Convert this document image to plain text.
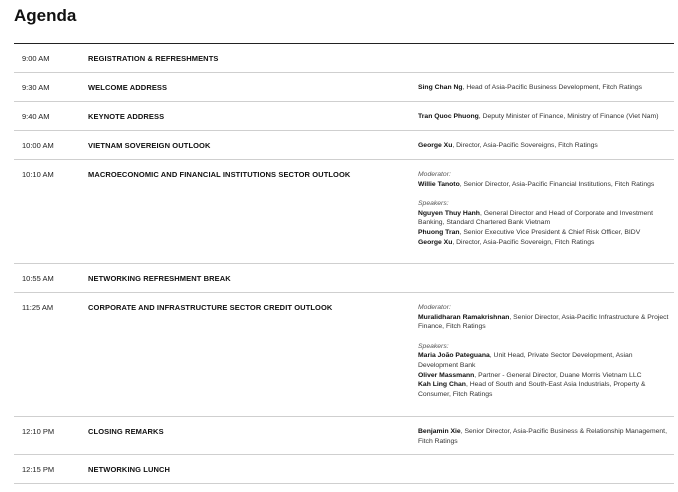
Agenda
9:00 AM	REGISTRATION & REFRESHMENTS
9:30 AM	WELCOME ADDRESS	Sing Chan Ng, Head of Asia-Pacific Business Development, Fitch Ratings
9:40 AM	KEYNOTE ADDRESS	Tran Quoc Phuong, Deputy Minister of Finance, Ministry of Finance (Viet Nam)
10:00 AM	VIETNAM SOVEREIGN OUTLOOK	George Xu, Director, Asia-Pacific Sovereigns, Fitch Ratings
10:10 AM	MACROECONOMIC AND FINANCIAL INSTITUTIONS SECTOR OUTLOOK	Moderator:
Willie Tanoto, Senior Director, Asia-Pacific Financial Institutions, Fitch Ratings
Speakers:
Nguyen Thuy Hanh, General Director and Head of Corporate and Investment Banking, Standard Chartered Bank Vietnam
Phuong Tran, Senior Executive Vice President & Chief Risk Officer, BIDV
George Xu, Director, Asia-Pacific Sovereign, Fitch Ratings
10:55 AM	NETWORKING REFRESHMENT BREAK
11:25 AM	CORPORATE AND INFRASTRUCTURE SECTOR CREDIT OUTLOOK	Moderator:
Muralidharan Ramakrishnan, Senior Director, Asia-Pacific Infrastructure & Project Finance, Fitch Ratings
Speakers:
Maria João Pateguana, Unit Head, Private Sector Development, Asian Development Bank
Oliver Massmann, Partner - General Director, Duane Morris Vietnam LLC
Kah Ling Chan, Head of South and South-East Asia Industrials, Property & Consumer, Fitch Ratings
12:10 PM	CLOSING REMARKS	Benjamin Xie, Senior Director, Asia-Pacific Business & Relationship Management, Fitch Ratings
12:15 PM	NETWORKING LUNCH
